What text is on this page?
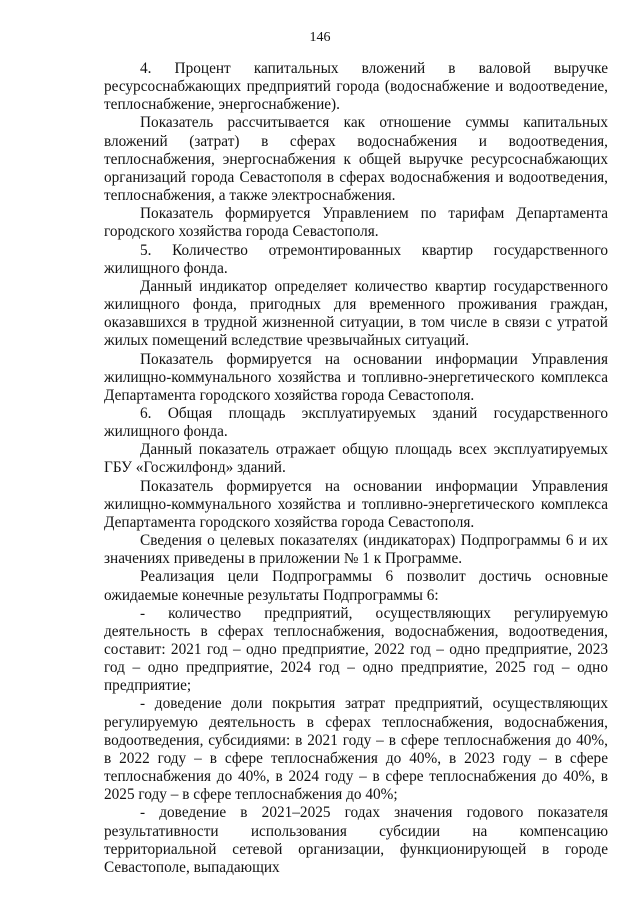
146

4. Процент капитальных вложений в валовой выручке ресурсоснабжающих предприятий города (водоснабжение и водоотведение, теплоснабжение, энергоснабжение).

Показатель рассчитывается как отношение суммы капитальных вложений (затрат) в сферах водоснабжения и водоотведения, теплоснабжения, энергоснабжения к общей выручке ресурсоснабжающих организаций города Севастополя в сферах водоснабжения и водоотведения, теплоснабжения, а также электроснабжения.

Показатель формируется Управлением по тарифам Департамента городского хозяйства города Севастополя.

5. Количество отремонтированных квартир государственного жилищного фонда.

Данный индикатор определяет количество квартир государственного жилищного фонда, пригодных для временного проживания граждан, оказавшихся в трудной жизненной ситуации, в том числе в связи с утратой жилых помещений вследствие чрезвычайных ситуаций.

Показатель формируется на основании информации Управления жилищно-коммунального хозяйства и топливно-энергетического комплекса Департамента городского хозяйства города Севастополя.

6. Общая площадь эксплуатируемых зданий государственного жилищного фонда.

Данный показатель отражает общую площадь всех эксплуатируемых ГБУ «Госжилфонд» зданий.

Показатель формируется на основании информации Управления жилищно-коммунального хозяйства и топливно-энергетического комплекса Департамента городского хозяйства города Севастополя.

Сведения о целевых показателях (индикаторах) Подпрограммы 6 и их значениях приведены в приложении № 1 к Программе.

Реализация цели Подпрограммы 6 позволит достичь основные ожидаемые конечные результаты Подпрограммы 6:

- количество предприятий, осуществляющих регулируемую деятельность в сферах теплоснабжения, водоснабжения, водоотведения, составит: 2021 год – одно предприятие, 2022 год – одно предприятие, 2023 год – одно предприятие, 2024 год – одно предприятие, 2025 год – одно предприятие;

- доведение доли покрытия затрат предприятий, осуществляющих регулируемую деятельность в сферах теплоснабжения, водоснабжения, водоотведения, субсидиями: в 2021 году – в сфере теплоснабжения до 40%, в 2022 году – в сфере теплоснабжения до 40%, в 2023 году – в сфере теплоснабжения до 40%, в 2024 году – в сфере теплоснабжения до 40%, в 2025 году – в сфере теплоснабжения до 40%;

- доведение в 2021–2025 годах значения годового показателя результативности использования субсидии на компенсацию территориальной сетевой организации, функционирующей в городе Севастополе, выпадающих
